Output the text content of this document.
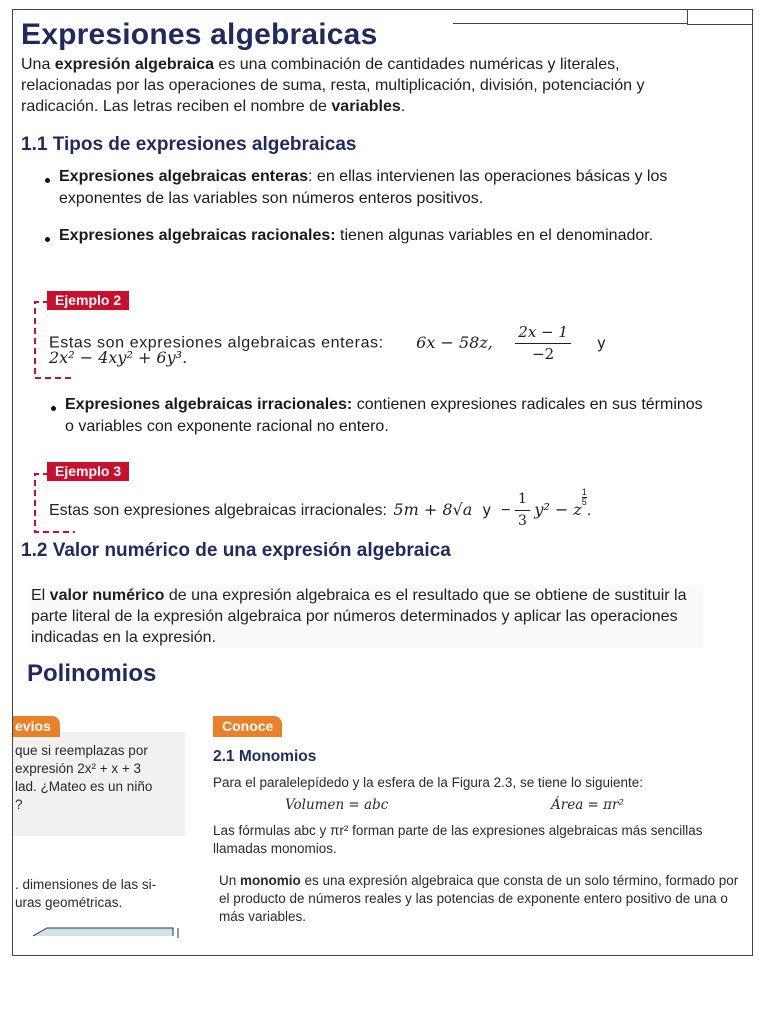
Expresiones algebraicas
Una expresión algebraica es una combinación de cantidades numéricas y literales, relacionadas por las operaciones de suma, resta, multiplicación, división, potenciación y radicación. Las letras reciben el nombre de variables.
1.1 Tipos de expresiones algebraicas
Expresiones algebraicas enteras: en ellas intervienen las operaciones básicas y los exponentes de las variables son números enteros positivos.
Expresiones algebraicas racionales: tienen algunas variables en el denominador.
Ejemplo 2
Estas son expresiones algebraicas enteras: 6x − 58z, $\frac{2x - 1}{-2}$ y
2x² − 4xy² + 6y³.
Expresiones algebraicas irracionales: contienen expresiones radicales en sus términos o variables con exponente racional no entero.
Ejemplo 3
Estas son expresiones algebraicas irracionales: 5m + 8√a $y - \frac{1}{3} y^2 - z$
$^{\frac{1}{5}}$
.
1.2 Valor numérico de una expresión algebraica
El valor numérico de una expresión algebraica es el resultado que se obtiene de sustituir la parte literal de la expresión algebraica por números determinados y aplicar las operaciones indicadas en la expresión.
Polinomios
evios
que si reemplazas por
expresión 2x² + x + 3
lad. ¿Mateo es un niño
?
. dimensiones de las si-
uras geométricas.
Conoce
2.1 Monomios
Para el paralelepídedo y la esfera de la Figura 2.3, se tiene lo siguiente:
Volumen = abc	Área = πr²
Las fórmulas abc y πr² forman parte de las expresiones algebraicas más sencillas llamadas monomios.
Un monomio es una expresión algebraica que consta de un solo término, formado por el producto de números reales y las potencias de exponente entero positivo de una o más variables.
